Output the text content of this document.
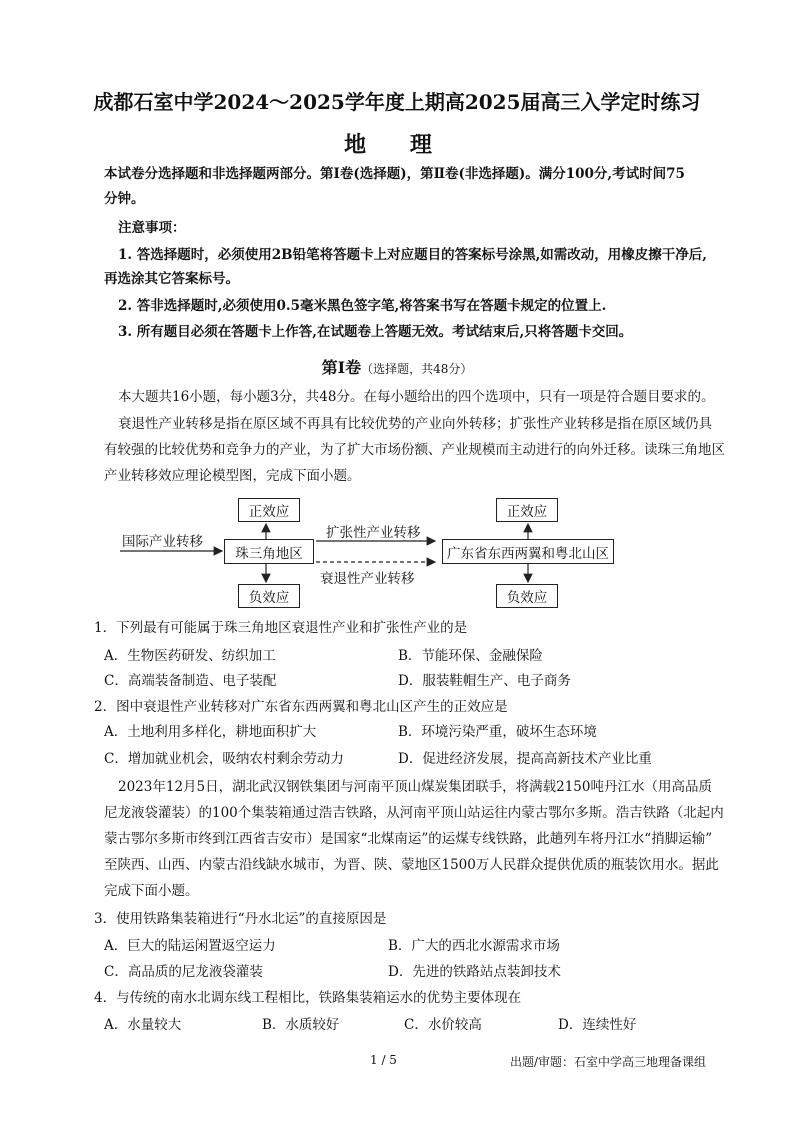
成都石室中学2024～2025学年度上期高2025届高三入学定时练习
地 理
本试卷分选择题和非选择题两部分。第Ⅰ卷(选择题)，第Ⅱ卷(非选择题)。满分100分,考试时间75
分钟。
注意事项：
1. 答选择题时，必须使用2B铅笔将答题卡上对应题目的答案标号涂黑,如需改动，用橡皮擦干净后,
再选涂其它答案标号。
2. 答非选择题时,必须使用0.5毫米黑色签字笔,将答案书写在答题卡规定的位置上.
3. 所有题目必须在答题卡上作答,在试题卷上答题无效。考试结束后,只将答题卡交回。
第Ⅰ卷（选择题，共48分）
本大题共16小题，每小题3分，共48分。在每小题给出的四个选项中，只有一项是符合题目要求的。
衰退性产业转移是指在原区域不再具有比较优势的产业向外转移；扩张性产业转移是指在原区域仍具
有较强的比较优势和竞争力的产业，为了扩大市场份额、产业规模而主动进行的向外迁移。读珠三角地区
产业转移效应理论模型图，完成下面小题。
正效应
珠三角地区
负效应
国际产业转移
扩张性产业转移
衰退性产业转移
正效应
广东省东西两翼和粤北山区
负效应
1．下列最有可能属于珠三角地区衰退性产业和扩张性产业的是
A．生物医药研发、纺织加工	B．节能环保、金融保险
C．高端装备制造、电子装配	D．服装鞋帽生产、电子商务
2．图中衰退性产业转移对广东省东西两翼和粤北山区产生的正效应是
A．土地利用多样化，耕地面积扩大	B．环境污染严重，破坏生态环境
C．增加就业机会，吸纳农村剩余劳动力	D．促进经济发展，提高高新技术产业比重
2023年12月5日，湖北武汉钢铁集团与河南平顶山煤炭集团联手，将满载2150吨丹江水（用高品质
尼龙液袋灌装）的100个集装箱通过浩吉铁路，从河南平顶山站运往内蒙古鄂尔多斯。浩吉铁路（北起内
蒙古鄂尔多斯市终到江西省吉安市）是国家“北煤南运”的运煤专线铁路，此趟列车将丹江水“捎脚运输”
至陕西、山西、内蒙古沿线缺水城市，为晋、陕、蒙地区1500万人民群众提供优质的瓶装饮用水。据此
完成下面小题。
3．使用铁路集装箱进行“丹水北运”的直接原因是
A．巨大的陆运闲置返空运力	B．广大的西北水源需求市场
C．高品质的尼龙液袋灌装	D．先进的铁路站点装卸技术
4．与传统的南水北调东线工程相比，铁路集装箱运水的优势主要体现在
A．水量较大	B．水质较好	C．水价较高	D．连续性好
1 / 5	出题/审题：石室中学高三地理备课组
